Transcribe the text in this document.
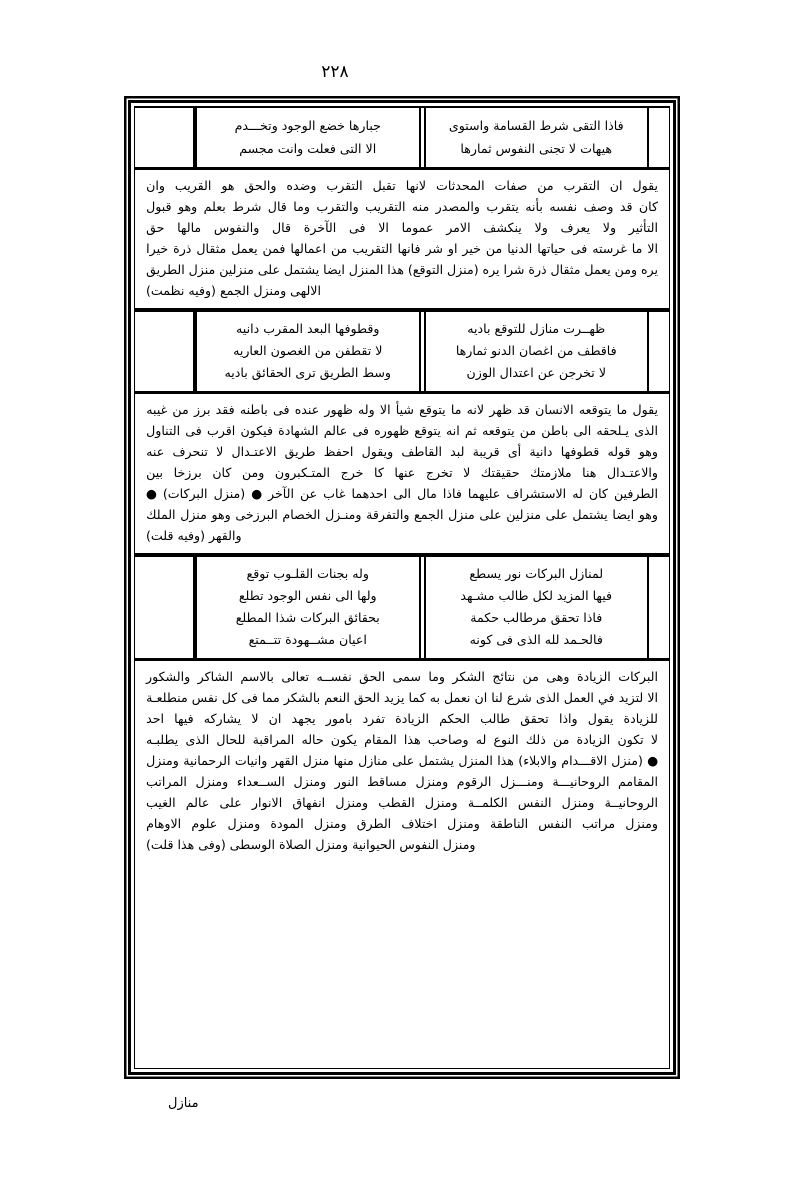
٢٢٨
فاذا التقى شرط القسامة واستوى
هيهات لا تجنى النفوس ثمارها
جبارها خضع الوجود وتخـــدم
الا التى فعلت وانت مجسم
يقول
ان
التقرب
من
صفات
المحدثات
لانها
تقبل
التقرب
وضده
والحق
هو
القريب
وان
كان
قد
وصف
نفسه
بأنه
يتقرب
والمصدر
منه
التقريب
والتقرب
وما
قال
شرط
بعلم
وهو
قبول
التأثير
ولا
يعرف
ولا
ينكشف
الامر
عموما
الا
فى
الآخرة
قال
والنفوس
مالها
حق
الا
ما
غرسته
فى
حياتها
الدنيا
من
خير
او
شر
فانها
التقريب
من
اعمالها
فمن
يعمل
مثقال
ذرة
خيرا
يره
ومن
يعمل
مثقال
ذرة
شرا
يره
(منزل
التوقع)
هذا
المنزل
ايضا
يشتمل
على
منزلين
منزل
الطريق
الالهى ومنزل الجمع (وفيه نظمت)
ظهــرت منازل للتوقع باديه
فاقطف من اغصان الدنو ثمارها
لا تخرجن عن اعتدال الوزن
وقطوفها البعد المقرب دانيه
لا تقطفن من الغصون العاريه
وسط الطريق ترى الحقائق باديه
يقول
ما
يتوقعه
الانسان
قد
ظهر
لانه
ما
يتوقع
شيأ
الا
وله
ظهور
عنده
فى
باطنه
فقد
برز
من
غيبه
الذى
يـلحقه
الى
باطن
من
يتوقعه
ثم
انه
يتوقع
ظهوره
فى
عالم
الشهادة
فيكون
اقرب
فى
التناول
وهو
قوله
قطوفها
دانية
أى
قريبة
لبد
القاطف
ويقول
احفظ
طريق
الاعتـدال
لا
تنحرف
عنه
والاعتـدال
هنا
ملازمتك
حقيقتك
لا
تخرج
عنها
كا
خرج
المتـكبرون
ومن
كان
برزخا
بين
الطرفين
كان
له
الاستشراف
عليهما
فاذا
مال
الى
احدهما
غاب
عن
الآخر
●
(منزل
البركات)
●
وهو
ايضا
يشتمل
على
منزلين
على
منزل
الجمع
والتفرقة
ومنـزل
الخصام
البرزخى
وهو
منزل
الملك
والقهر (وفيه قلت)
لمنازل البركات نور يسطع
فيها المزيد لكل طالب مشـهد
فاذا تحقق مرطالب حكمة
فالحـمد لله الذى فى كونه
وله بجنات القلـوب توقع
ولها الى نفس الوجود تطلع
بحقائق البركات شذا المطلع
اعيان مشــهودة تتــمتع
البركات
الزيادة
وهى
من
نتائج
الشكر
وما
سمى
الحق
نفســه
تعالى
بالاسم
الشاكر
والشكور
الا
لتزيد
في
العمل
الذى
شرع
لنا
ان
نعمل
به
كما
يزيد
الحق
النعم
بالشكر
مما
فى
كل
نفس
منطلعـة
للزيادة
يقول
واذا
تحقق
طالب
الحكم
الزيادة
تفرد
بامور
يجهد
ان
لا
يشاركه
فيها
احد
لا
تكون
الزيادة
من
ذلك
النوع
له
وصاحب
هذا
المقام
يكون
حاله
المراقبة
للحال
الذى
يطلبـه
●
(منزل
الاقـــدام
والابلاء)
هذا
المنزل
يشتمل
على
منازل
منها
منزل
القهر
وانيات
الرحمانية
ومنزل
المقامم
الروحانيـــة
ومنـــزل
الرقوم
ومنزل
مساقط
النور
ومنزل
الســعداء
ومنزل
المراتب
الروحانيــة
ومنزل
النفس
الكلمــة
ومنزل
القطب
ومنزل
انفهاق
الانوار
على
عالم
الغيب
ومنزل
مراتب
النفس
الناطقة
ومنزل
اختلاف
الطرق
ومنزل
المودة
ومنزل
علوم
الاوهام
ومنزل النفوس الحيوانية ومنزل الصلاة الوسطى (وفى هذا قلت)
منازل
